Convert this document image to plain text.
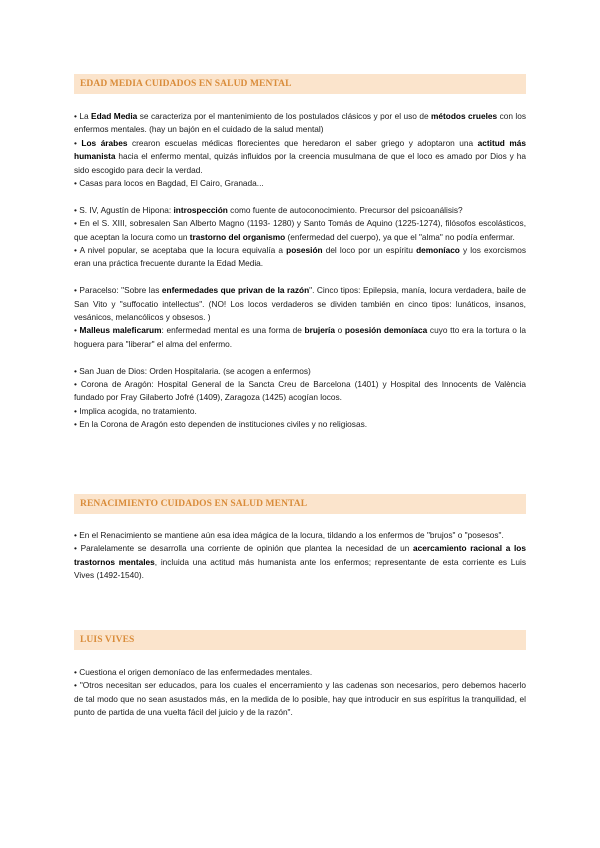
EDAD MEDIA CUIDADOS EN SALUD MENTAL

• La Edad Media se caracteriza por el mantenimiento de los postulados clásicos y por el uso de métodos crueles con los enfermos mentales. (hay un bajón en el cuidado de la salud mental)

• Los árabes crearon escuelas médicas florecientes que heredaron el saber griego y adoptaron una actitud más humanista hacia el enfermo mental, quizás influidos por la creencia musulmana de que el loco es amado por Dios y ha sido escogido para decir la verdad.

• Casas para locos en Bagdad, El Cairo, Granada...

• S. IV, Agustín de Hipona: introspección como fuente de autoconocimiento. Precursor del psicoanálisis?

• En el S. XIII, sobresalen San Alberto Magno (1193- 1280) y Santo Tomás de Aquino (1225-1274), filósofos escolásticos, que aceptan la locura como un trastorno del organismo (enfermedad del cuerpo), ya que el "alma" no podía enfermar.

• A nivel popular, se aceptaba que la locura equivalía a posesión del loco por un espíritu demoníaco y los exorcismos eran una práctica frecuente durante la Edad Media.

• Paracelso: "Sobre las enfermedades que privan de la razón". Cinco tipos: Epilepsia, manía, locura verdadera, baile de San Vito y "suffocatio intellectus". (NO! Los locos verdaderos se dividen también en cinco tipos: lunáticos, insanos, vesánicos, melancólicos y obsesos. )

• Malleus maleficarum: enfermedad mental es una forma de brujería o posesión demoníaca cuyo tto era la tortura o la hoguera para "liberar" el alma del enfermo.

• San Juan de Dios: Orden Hospitalaria. (se acogen a enfermos)

• Corona de Aragón: Hospital General de la Sancta Creu de Barcelona (1401) y Hospital des Innocents de València fundado por Fray Gilaberto Jofré (1409), Zaragoza (1425) acogían locos.

• Implica acogida, no tratamiento.

• En la Corona de Aragón esto dependen de instituciones civiles y no religiosas.

RENACIMIENTO CUIDADOS EN SALUD MENTAL

• En el Renacimiento se mantiene aún esa idea mágica de la locura, tildando a los enfermos de "brujos" o "posesos".

• Paralelamente se desarrolla una corriente de opinión que plantea la necesidad de un acercamiento racional a los trastornos mentales, incluida una actitud más humanista ante los enfermos; representante de esta corriente es Luis Vives (1492-1540).

LUIS VIVES

• Cuestiona el origen demoníaco de las enfermedades mentales.

• "Otros necesitan ser educados, para los cuales el encerramiento y las cadenas son necesarios, pero debemos hacerlo de tal modo que no sean asustados más, en la medida de lo posible, hay que introducir en sus espíritus la tranquilidad, el punto de partida de una vuelta fácil del juicio y de la razón".
